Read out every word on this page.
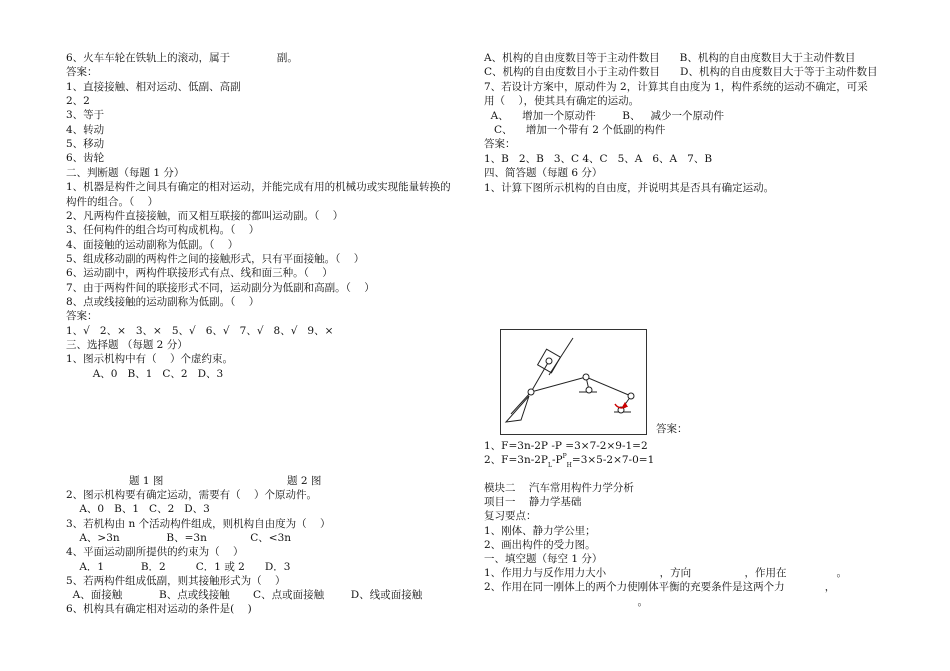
6、火车车轮在铁轨上的滚动，属于              副。
答案：
1、直接接触、相对运动、低副、高副
2、2
3、等于
4、转动
5、移动
6、齿轮
二、判断题（每题 1 分）
1、机器是构件之间具有确定的相对运动，并能完成有用的机械功或实现能量转换的
构件的组合。（    ）
2、凡两构件直接接触，而又相互联接的都叫运动副。（    ）
3、任何构件的组合均可构成机构。（    ）
4、面接触的运动副称为低副。（    ）
5、组成移动副的两构件之间的接触形式，只有平面接触。（    ）
6、运动副中，两构件联接形式有点、线和面三种。（    ）
7、由于两构件间的联接形式不同，运动副分为低副和高副。（    ）
8、点或线接触的运动副称为低副。（    ）
答案：
1、√   2、×   3、×   5、√   6、√   7、√   8、√   9、×
三、选择题 （每题 2 分）
1、图示机构中有（    ）个虚约束。
A、0   B、1   C、2   D、3
题 1 图	题 2 图
2、图示机构要有确定运动，需要有（    ）个原动件。
A、0   B、1   C、2   D、3
3、若机构由 n 个活动构件组成，则机构自由度为（    ）
A、>3n              B、=3n             C、<3n
4、平面运动副所提供的约束为（    ）
A．1           B．2         C．1 或 2      D．3
5、若两构件组成低副，则其接触形式为（    ）
A、面接触           B、点或线接触       C、点或面接触        D、线或面接触
6、机构具有确定相对运动的条件是(    )
A、机构的自由度数目等于主动件数目      B、机构的自由度数目大于主动件数目
C、机构的自由度数目小于主动件数目      D、机构的自由度数目大于等于主动件数目
7、若设计方案中，原动件为 2，计算其自由度为 1，构件系统的运动不确定，可采
用（    ），使其具有确定的运动。
A、    增加一个原动件        B、   减少一个原动件
C、    增加一个带有 2 个低副的构件
答案：
1、B   2、B   3、C 4、C   5、A   6、A   7、B
四、简答题（每题 6 分）
1、计算下图所示机构的自由度，并说明其是否具有确定运动。
答案：
1、F=3n-2P -P =3×7-2×9-1=2
2、$F=3n-2P_L-P^P_H=3\times 5-2\times 7-0=1$
模块二    汽车常用构件力学分析
项目一    静力学基础
复习要点：
1、刚体、静力学公里；
2、画出构件的受力图。
一、填空题（每空 1 分）
1、作用力与反作用力大小                ，方向                ，作用在               。
2、作用在同一刚体上的两个力使刚体平衡的充要条件是这两个力            ，
。
